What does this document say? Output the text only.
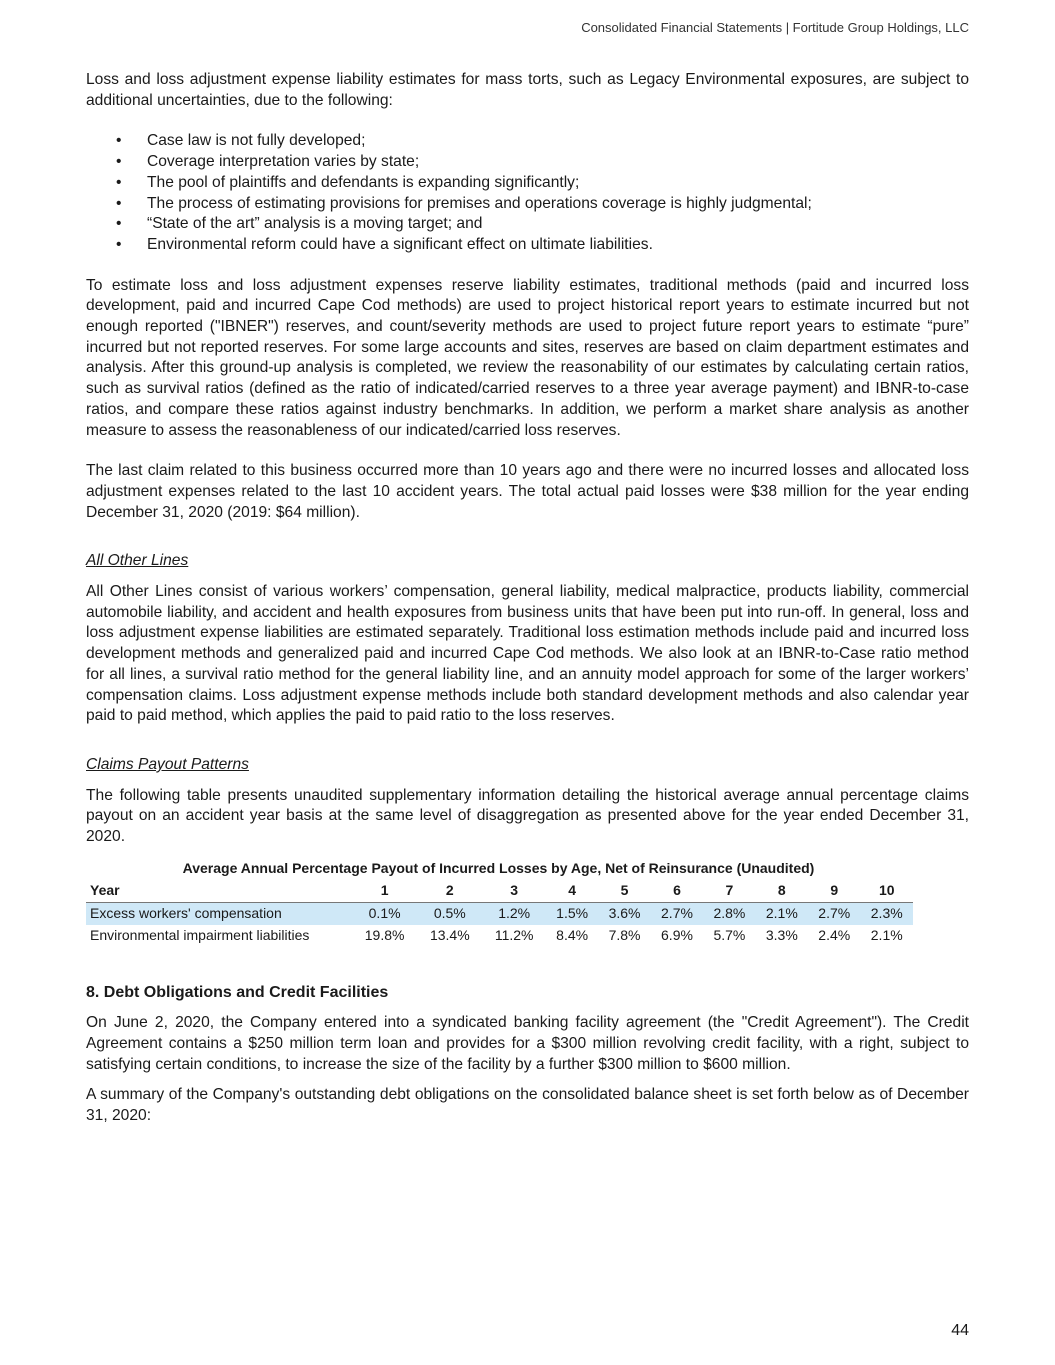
Consolidated Financial Statements | Fortitude Group Holdings, LLC

Loss and loss adjustment expense liability estimates for mass torts, such as Legacy Environmental exposures, are subject to additional uncertainties, due to the following:

• Case law is not fully developed;
• Coverage interpretation varies by state;
• The pool of plaintiffs and defendants is expanding significantly;
• The process of estimating provisions for premises and operations coverage is highly judgmental;
• “State of the art” analysis is a moving target; and
• Environmental reform could have a significant effect on ultimate liabilities.

To estimate loss and loss adjustment expenses reserve liability estimates, traditional methods (paid and incurred loss development, paid and incurred Cape Cod methods) are used to project historical report years to estimate incurred but not enough reported ("IBNER") reserves, and count/severity methods are used to project future report years to estimate “pure” incurred but not reported reserves. For some large accounts and sites, reserves are based on claim department estimates and analysis. After this ground-up analysis is completed, we review the reasonability of our estimates by calculating certain ratios, such as survival ratios (defined as the ratio of indicated/carried reserves to a three year average payment) and IBNR-to-case ratios, and compare these ratios against industry benchmarks. In addition, we perform a market share analysis as another measure to assess the reasonableness of our indicated/carried loss reserves.

The last claim related to this business occurred more than 10 years ago and there were no incurred losses and allocated loss adjustment expenses related to the last 10 accident years. The total actual paid losses were $38 million for the year ending December 31, 2020 (2019: $64 million).

All Other Lines

All Other Lines consist of various workers’ compensation, general liability, medical malpractice, products liability, commercial automobile liability, and accident and health exposures from business units that have been put into run-off. In general, loss and loss adjustment expense liabilities are estimated separately. Traditional loss estimation methods include paid and incurred loss development methods and generalized paid and incurred Cape Cod methods. We also look at an IBNR-to-Case ratio method for all lines, a survival ratio method for the general liability line, and an annuity model approach for some of the larger workers’ compensation claims. Loss adjustment expense methods include both standard development methods and also calendar year paid to paid method, which applies the paid to paid ratio to the loss reserves.

Claims Payout Patterns

The following table presents unaudited supplementary information detailing the historical average annual percentage claims payout on an accident year basis at the same level of disaggregation as presented above for the year ended December 31, 2020.

Average Annual Percentage Payout of Incurred Losses by Age, Net of Reinsurance (Unaudited)
Year	1	2	3	4	5	6	7	8	9	10
Excess workers' compensation	0.1%	0.5%	1.2%	1.5%	3.6%	2.7%	2.8%	2.1%	2.7%	2.3%
Environmental impairment liabilities	19.8%	13.4%	11.2%	8.4%	7.8%	6.9%	5.7%	3.3%	2.4%	2.1%
8. Debt Obligations and Credit Facilities

On June 2, 2020, the Company entered into a syndicated banking facility agreement (the "Credit Agreement"). The Credit Agreement contains a $250 million term loan and provides for a $300 million revolving credit facility, with a right, subject to satisfying certain conditions, to increase the size of the facility by a further $300 million to $600 million.

A summary of the Company's outstanding debt obligations on the consolidated balance sheet is set forth below as of December 31, 2020:

44
